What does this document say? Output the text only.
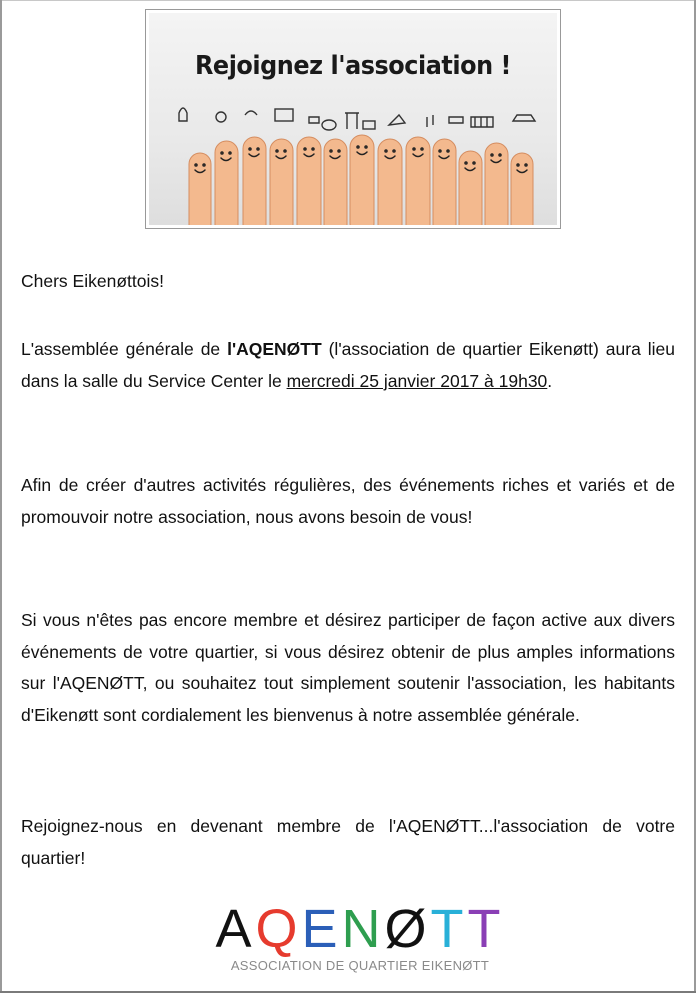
Rejoignez l'association !

Chers Eikenøttois!

L'assemblée générale de l'AQENØTT (l'association de quartier Eikenøtt) aura lieu dans la salle du Service Center le mercredi 25 janvier 2017 à 19h30.

Afin de créer d'autres activités régulières, des événements riches et variés et de promouvoir notre association, nous avons besoin de vous!

Si vous n'êtes pas encore membre et désirez participer de façon active aux divers événements de votre quartier, si vous désirez obtenir de plus amples informations sur l'AQENØTT, ou souhaitez tout simplement soutenir l'association, les habitants d'Eikenøtt sont cordialement les bienvenus à notre assemblée générale.

Rejoignez-nous en devenant membre de l'AQENØTT...l'association de votre quartier!

AQENØTT
ASSOCIATION DE QUARTIER EIKENØTT
